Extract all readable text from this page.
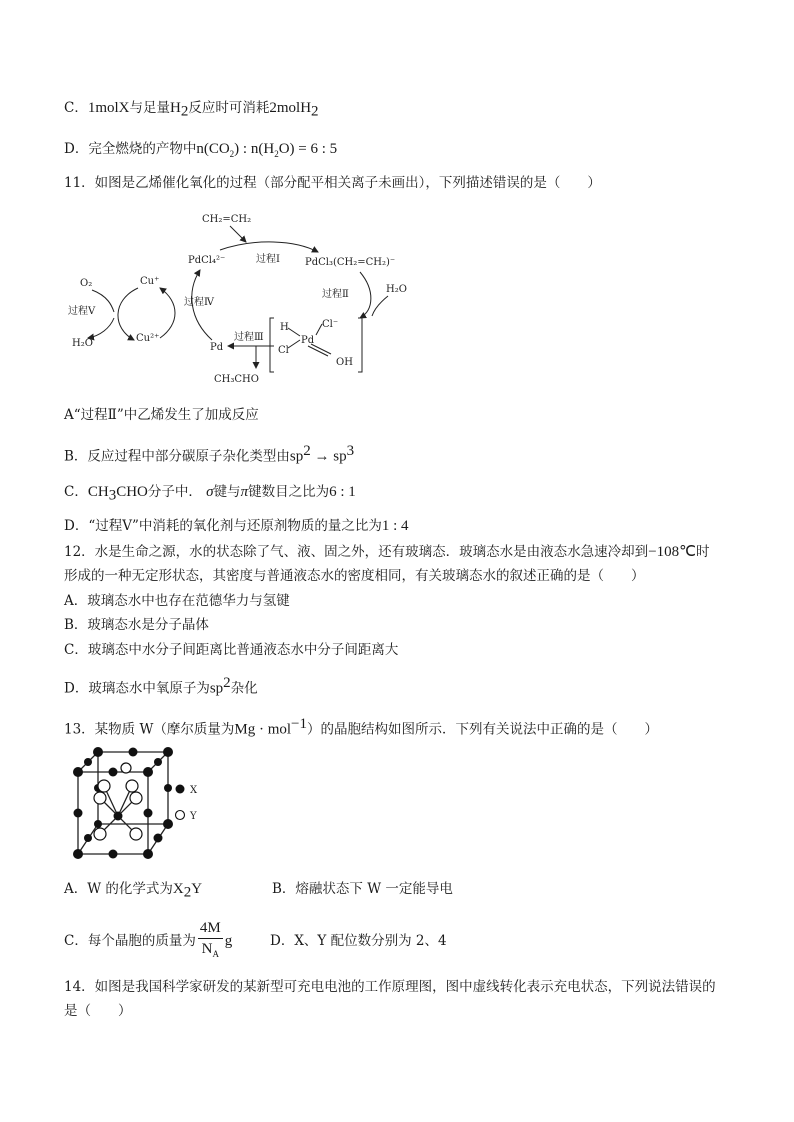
C．1molX与足量$H_2$反应时可消耗2molH$_2$
D．完全燃烧的产物中$n(CO_2)$ : $n(H_2O) = 6$ : 5
11．如图是乙烯催化氧化的过程（部分配平相关离子未画出），下列描述错误的是（　　）
CH₂=CH₂
PdCl₄²⁻	过程Ⅰ	PdCl₃(CH₂=CH₂)⁻
O₂	Cu⁺
过程Ⅴ
过程Ⅳ
过程Ⅱ	H₂O
H₂O	Cu²⁺	过程Ⅲ
Pd
H
Pd
Cl⁻
Cl
OH
CH₃CHO
A“过程Ⅱ”中乙烯发生了加成反应
B．反应过程中部分碳原子杂化类型由$sp^2 \to sp^3$
C．$CH_3CHO$分子中． σ键与π键数目之比为6 : 1
D．“过程Ⅴ”中消耗的氧化剂与还原剂物质的量之比为1 : 4
12．水是生命之源，水的状态除了气、液、固之外，还有玻璃态．玻璃态水是由液态水急速冷却到−108℃时
形成的一种无定形状态，其密度与普通液态水的密度相同，有关玻璃态水的叙述正确的是（　　）
A．玻璃态水中也存在范德华力与氢键
B．玻璃态水是分子晶体
C．玻璃态中水分子间距离比普通液态水中分子间距离大
D．玻璃态水中氧原子为$sp^2$杂化
13．某物质 W（摩尔质量为Mg · mol$^{-1}$）的晶胞结构如图所示．下列有关说法中正确的是（　　）
X
Y
A．W 的化学式为$X_2Y$	B．熔融状态下 W 一定能导电
C．每个晶胞的质量为 $\frac{4M}{N_A}$ g	D．X、Y 配位数分别为 2、4
14．如图是我国科学家研发的某新型可充电电池的工作原理图，图中虚线转化表示充电状态，下列说法错误的
是（　　）
